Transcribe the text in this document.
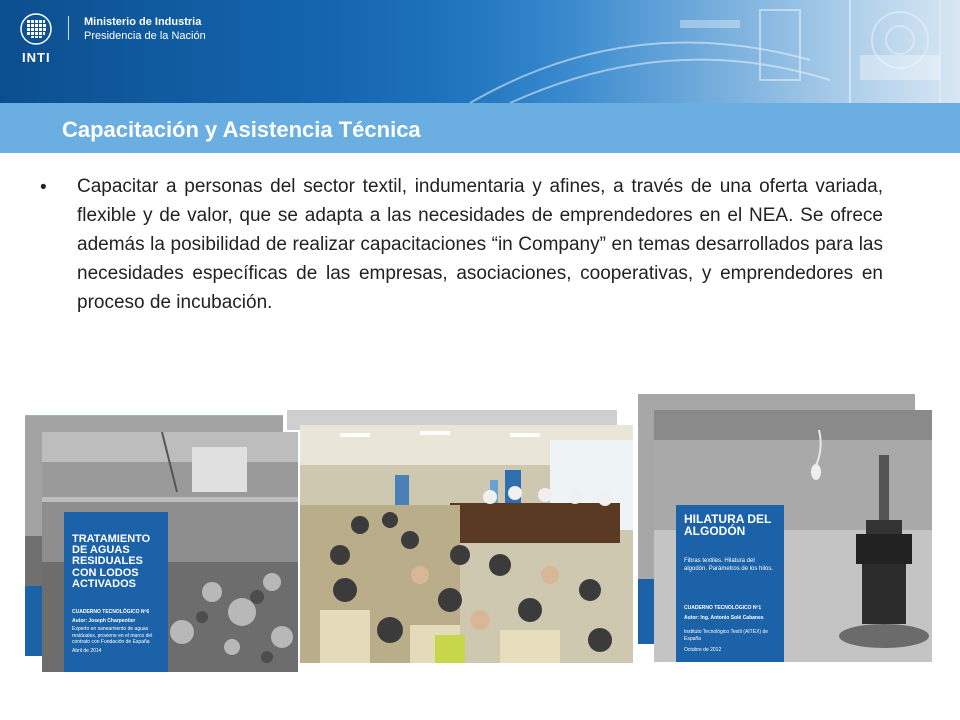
INTI
Ministerio de Industria
Presidencia de la Nación
Capacitación y Asistencia Técnica
• Capacitar a personas del sector textil, indumentaria y afines, a través de una oferta variada, flexible y de valor, que se adapta a las necesidades de emprendedores en el NEA. Se ofrece además la posibilidad de realizar capacitaciones “in Company” en temas desarrollados para las necesidades específicas de las empresas, asociaciones, cooperativas, y emprendedores en proceso de incubación.
TRATAMIENTO DE AGUAS RESIDUALES CON LODOS ACTIVADOS
CUADERNO TECNOLÓGICO Nº6
Autor: Joseph Charpentier
Experto en saneamiento de aguas residuales, proviene en el marco del contrato con Fundación de España
Abril de 2014
HILATURA DEL ALGODÓN
Fibras textiles. Hilatura del algodón. Parámetros de los hilos.
CUADERNO TECNOLÓGICO Nº1
Autor: Ing. Antonio Solé Cabanes
Instituto Tecnológico Textil (AITEX) de España
Octubre de 2012
